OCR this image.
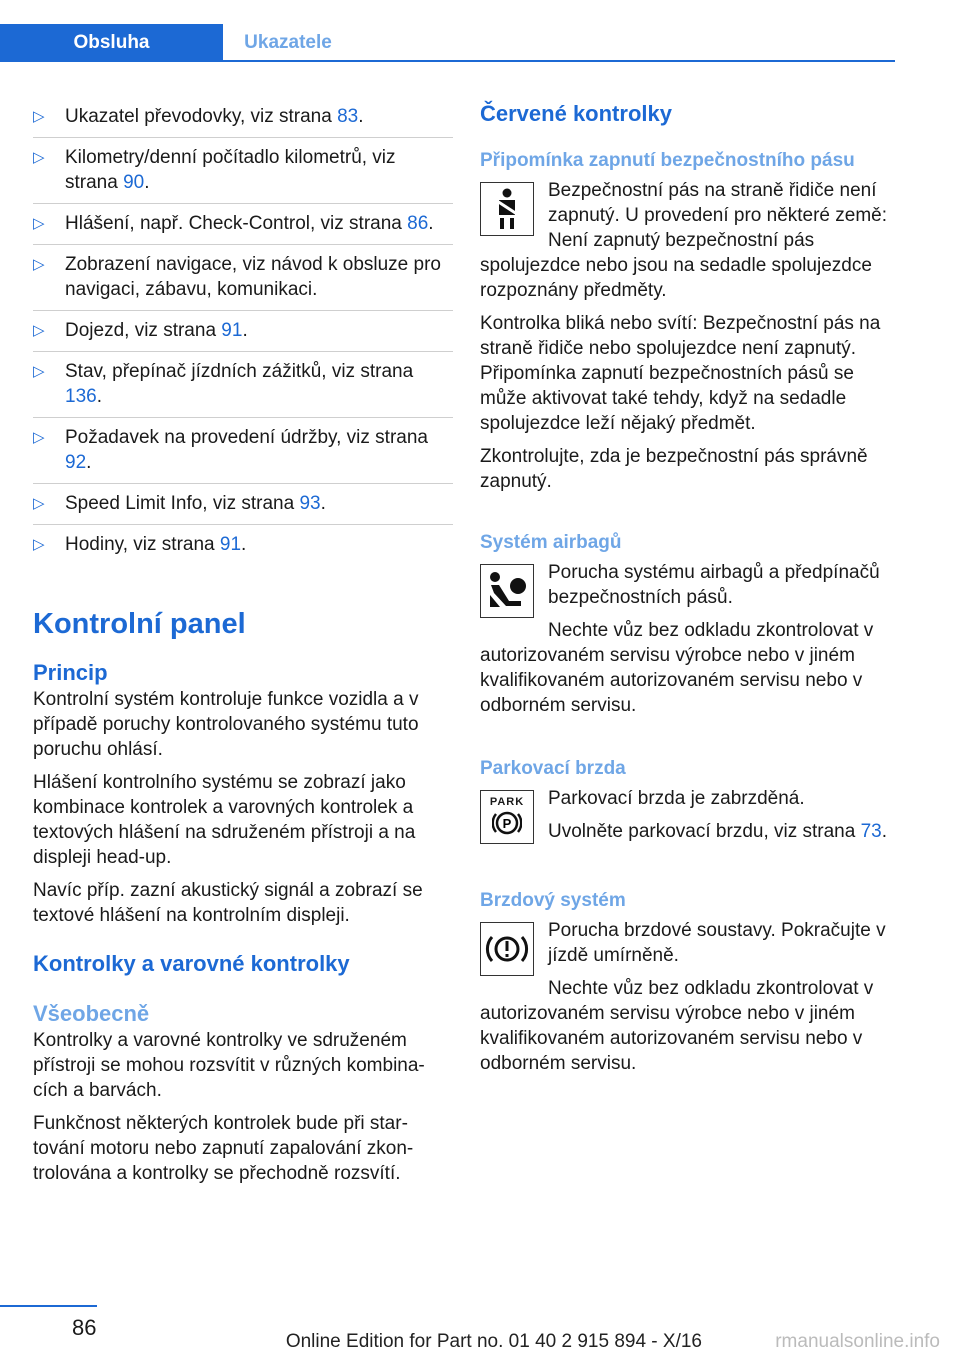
Obsluha	Ukazatele
▷	Ukazatel převodovky, viz strana 83.
▷	Kilometry/denní počítadlo kilometrů, viz strana 90.
▷	Hlášení, např. Check-Control, viz strana 86.
▷	Zobrazení navigace, viz návod k obsluze pro navigaci, zábavu, komunikaci.
▷	Dojezd, viz strana 91.
▷	Stav, přepínač jízdních zážitků, viz strana 136.
▷	Požadavek na provedení údržby, viz strana 92.
▷	Speed Limit Info, viz strana 93.
▷	Hodiny, viz strana 91.
Kontrolní panel
Princip

Kontrolní systém kontroluje funkce vozidla a v případě poruchy kontrolovaného systému tuto poruchu ohlásí.

Hlášení kontrolního systému se zobrazí jako kombinace kontrolek a varovných kontrolek a textových hlášení na sdruženém přístroji a na displeji head-up.

Navíc příp. zazní akustický signál a zobrazí se textové hlášení na kontrolním displeji.

Kontrolky a varovné kontrolky
Všeobecně

Kontrolky a varovné kontrolky ve sdruženém přístroji se mohou rozsvítit v různých kombinacích a barvách.

Funkčnost některých kontrolek bude při startování motoru nebo zapnutí zapalování zkontrolována a kontrolky se přechodně rozsvítí.

Červené kontrolky
Připomínka zapnutí bezpečnostního pásu

Bezpečnostní pás na straně řidiče není zapnutý. U provedení pro některé země: Není zapnutý bezpečnostní pás spolujezdce nebo jsou na sedadle spolujezdce rozpoznány předměty.

Kontrolka bliká nebo svítí: Bezpečnostní pás na straně řidiče nebo spolujezdce není zapnutý. Připomínka zapnutí bezpečnostních pásů se může aktivovat také tehdy, když na sedadle spolujezdce leží nějaký předmět.

Zkontrolujte, zda je bezpečnostní pás správně zapnutý.

Systém airbagů

Porucha systému airbagů a předpínačů bezpečnostních pásů.

Nechte vůz bez odkladu zkontrolovat v autorizovaném servisu výrobce nebo v jiném kvalifikovaném autorizovaném servisu nebo v odborném servisu.

Parkovací brzda
PARK
P

Parkovací brzda je zabrzděná.

Uvolněte parkovací brzdu, viz strana 73.

Brzdový systém

Porucha brzdové soustavy. Pokračujte v jízdě umírněně.

Nechte vůz bez odkladu zkontrolovat v autorizovaném servisu výrobce nebo v jiném kvalifikovaném autorizovaném servisu nebo v odborném servisu.

86
Online Edition for Part no. 01 40 2 915 894 - X/16	rmanualsonline.info
